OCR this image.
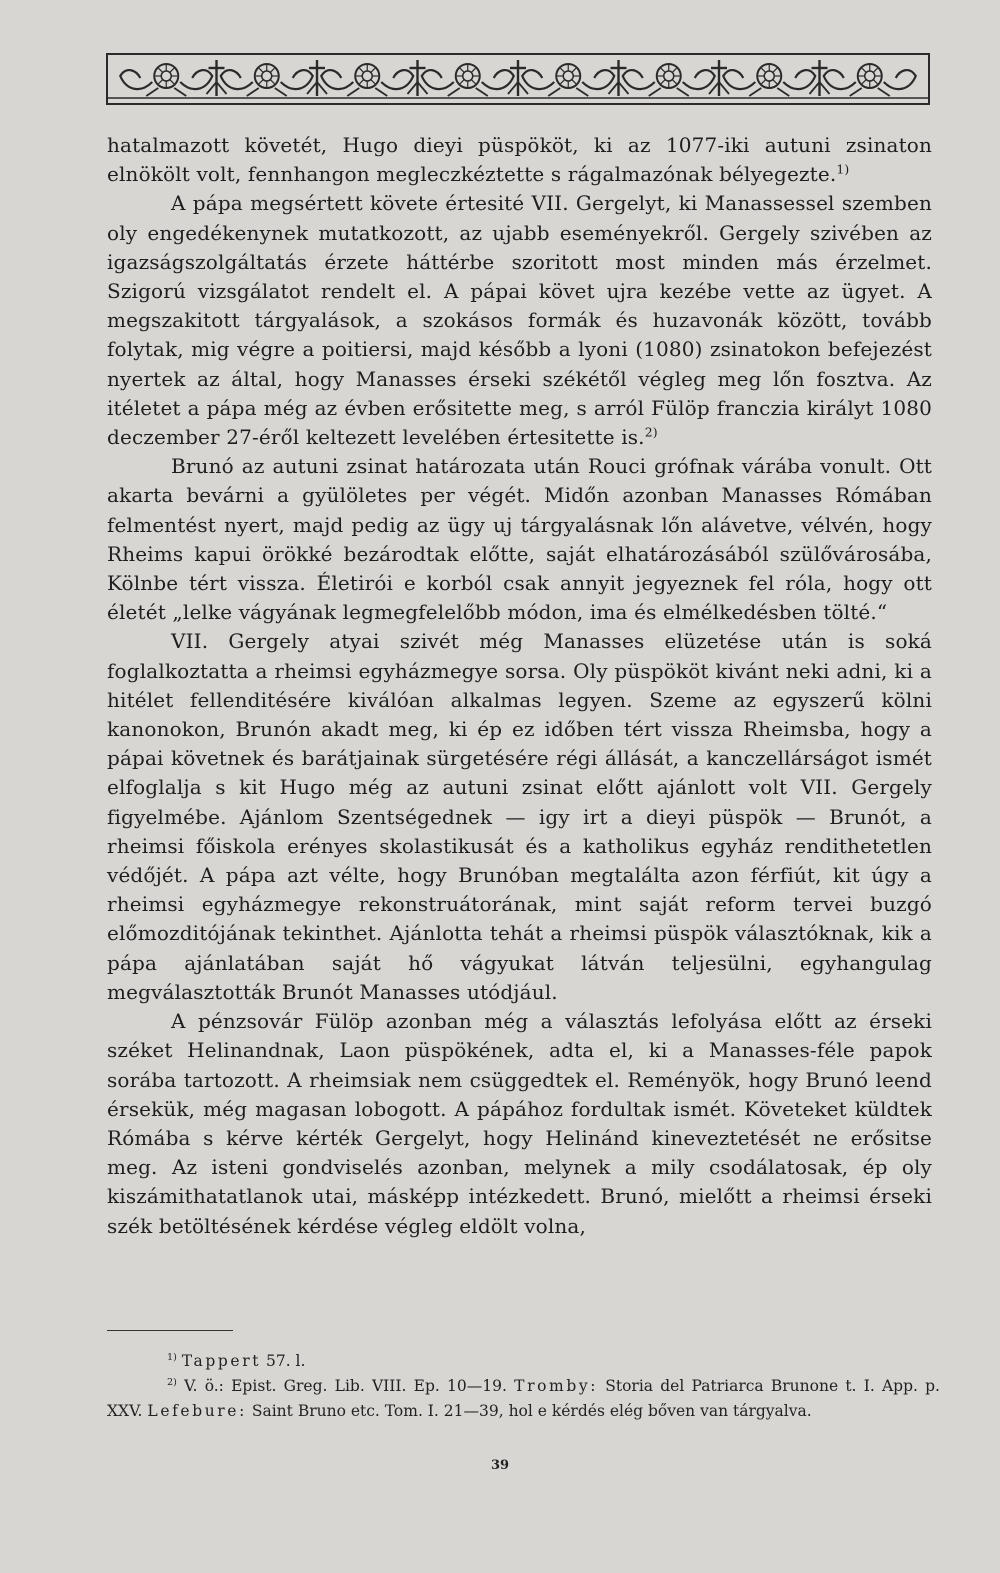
hatalmazott követét, Hugo dieyi püspököt, ki az 1077-iki autuni zsinaton elnökölt volt, fennhangon megleczkéztette s rágalmazónak bélyegezte.$^{1)}$

A pápa megsértett követe értesité VII. Gergelyt, ki Manassessel szemben oly engedékenynek mutatkozott, az ujabb eseményekről. Gergely szivében az igazságszolgáltatás érzete háttérbe szoritott most minden más érzelmet. Szigorú vizsgálatot rendelt el. A pápai követ ujra kezébe vette az ügyet. A megszakitott tárgyalások, a szokásos formák és huzavonák között, tovább folytak, mig végre a poitiersi, majd később a lyoni (1080) zsinatokon befejezést nyertek az által, hogy Manasses érseki székétől végleg meg lőn fosztva. Az itéletet a pápa még az évben erősitette meg, s arról Fülöp franczia királyt 1080 deczember 27-éről keltezett levelében értesitette is.$^{2)}$

Brunó az autuni zsinat határozata után Rouci grófnak várába vonult. Ott akarta bevárni a gyülöletes per végét. Midőn azonban Manasses Rómában felmentést nyert, majd pedig az ügy uj tárgyalásnak lőn alávetve, vélvén, hogy Rheims kapui örökké bezárodtak előtte, saját elhatározásából szülővárosába, Kölnbe tért vissza. Életirói e korból csak annyit jegyeznek fel róla, hogy ott életét „lelke vágyának legmegfelelőbb módon, ima és elmélkedésben tölté.“

VII. Gergely atyai szivét még Manasses elüzetése után is soká foglalkoztatta a rheimsi egyházmegye sorsa. Oly püspököt kivánt neki adni, ki a hitélet fellenditésére kiválóan alkalmas legyen. Szeme az egyszerű kölni kanonokon, Brunón akadt meg, ki ép ez időben tért vissza Rheimsba, hogy a pápai követnek és barátjainak sürgetésére régi állását, a kanczellárságot ismét elfoglalja s kit Hugo még az autuni zsinat előtt ajánlott volt VII. Gergely figyelmébe. Ajánlom Szentségednek — igy irt a dieyi püspök — Brunót, a rheimsi főiskola erényes skolastikusát és a katholikus egyház rendithetetlen védőjét. A pápa azt vélte, hogy Brunóban megtalálta azon férfiút, kit úgy a rheimsi egyházmegye rekonstruátorának, mint saját reform tervei buzgó előmozditójának tekinthet. Ajánlotta tehát a rheimsi püspök választóknak, kik a pápa ajánlatában saját hő vágyukat látván teljesülni, egyhangulag megválasztották Brunót Manasses utódjául.

A pénzsovár Fülöp azonban még a választás lefolyása előtt az érseki széket Helinandnak, Laon püspökének, adta el, ki a Manasses-féle papok sorába tartozott. A rheimsiak nem csüggedtek el. Reményök, hogy Brunó leend érsekük, még magasan lobogott. A pápához fordultak ismét. Követeket küldtek Rómába s kérve kérték Gergelyt, hogy Helinánd kineveztetését ne erősitse meg. Az isteni gondviselés azonban, melynek a mily csodálatosak, ép oly kiszámithatatlanok utai, másképp intézkedett. Brunó, mielőtt a rheimsi érseki szék betöltésének kérdése végleg eldölt volna,

$^{1)}$ Tappert 57. l.

$^{2)}$ V. ö.: Epist. Greg. Lib. VIII. Ep. 10—19. Tromby: Storia del Patriarca Brunone t. I. App. p. XXV. Lefebure: Saint Bruno etc. Tom. I. 21—39, hol e kérdés elég bőven van tárgyalva.

39
